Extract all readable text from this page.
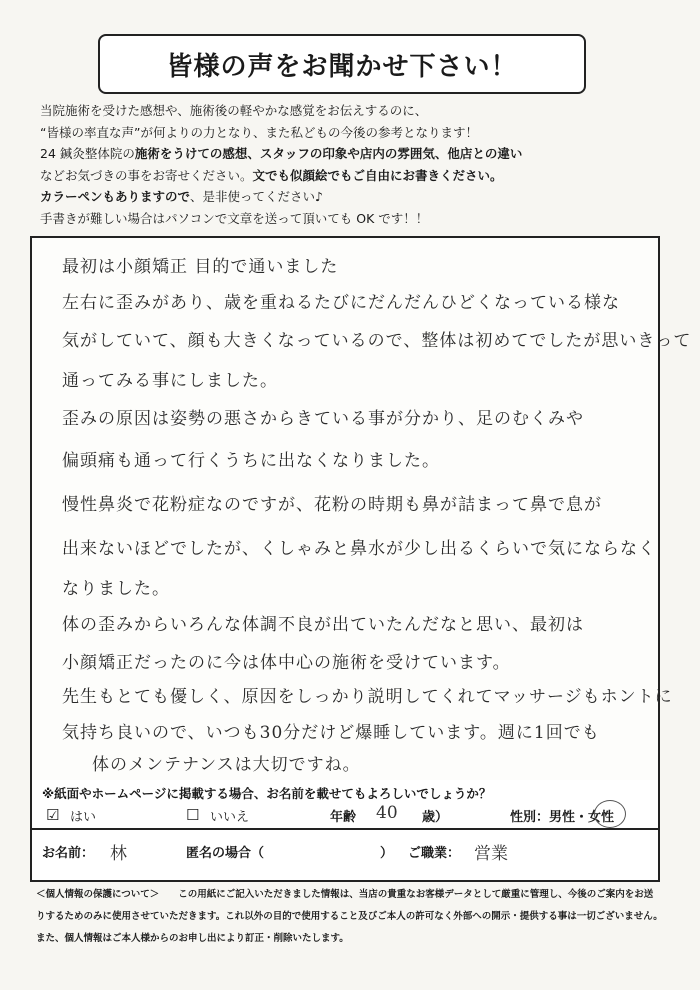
皆様の声をお聞かせ下さい！
当院施術を受けた感想や、施術後の軽やかな感覚をお伝えするのに、
“皆様の率直な声”が何よりの力となり、また私どもの今後の参考となります！
24 鍼灸整体院の施術をうけての感想、スタッフの印象や店内の雰囲気、他店との違い
などお気づきの事をお寄せください。文でも似顔絵でもご自由にお書きください。
カラーペンもありますので、是非使ってください♪
手書きが難しい場合はパソコンで文章を送って頂いても OK です！！
最初は小顔矯正 目的で通いました
左右に歪みがあり、歳を重ねるたびにだんだんひどくなっている様な
気がしていて、顔も大きくなっているので、整体は初めてでしたが思いきって
通ってみる事にしました。
歪みの原因は姿勢の悪さからきている事が分かり、足のむくみや
偏頭痛も通って行くうちに出なくなりました。
慢性鼻炎で花粉症なのですが、花粉の時期も鼻が詰まって鼻で息が
出来ないほどでしたが、くしゃみと鼻水が少し出るくらいで気にならなく
なりました。
体の歪みからいろんな体調不良が出ていたんだなと思い、最初は
小顔矯正だったのに今は体中心の施術を受けています。
先生もとても優しく、原因をしっかり説明してくれてマッサージもホントに
気持ち良いので、いつも30分だけど爆睡しています。週に1回でも
体のメンテナンスは大切ですね。
※紙面やホームページに掲載する場合、お名前を載せてもよろしいでしょうか？
☑ はい	☐ いいえ	年齢 40 歳）	性別：男性・女性
お名前： 林	匿名の場合（	） ご職業： 営業
＜個人情報の保護について＞　　この用紙にご記入いただきました情報は、当店の貴重なお客様データとして厳重に管理し、今後のご案内をお送
りするためのみに使用させていただきます。これ以外の目的で使用すること及びご本人の許可なく外部への開示・提供する事は一切ございません。
また、個人情報はご本人様からのお申し出により訂正・削除いたします。
